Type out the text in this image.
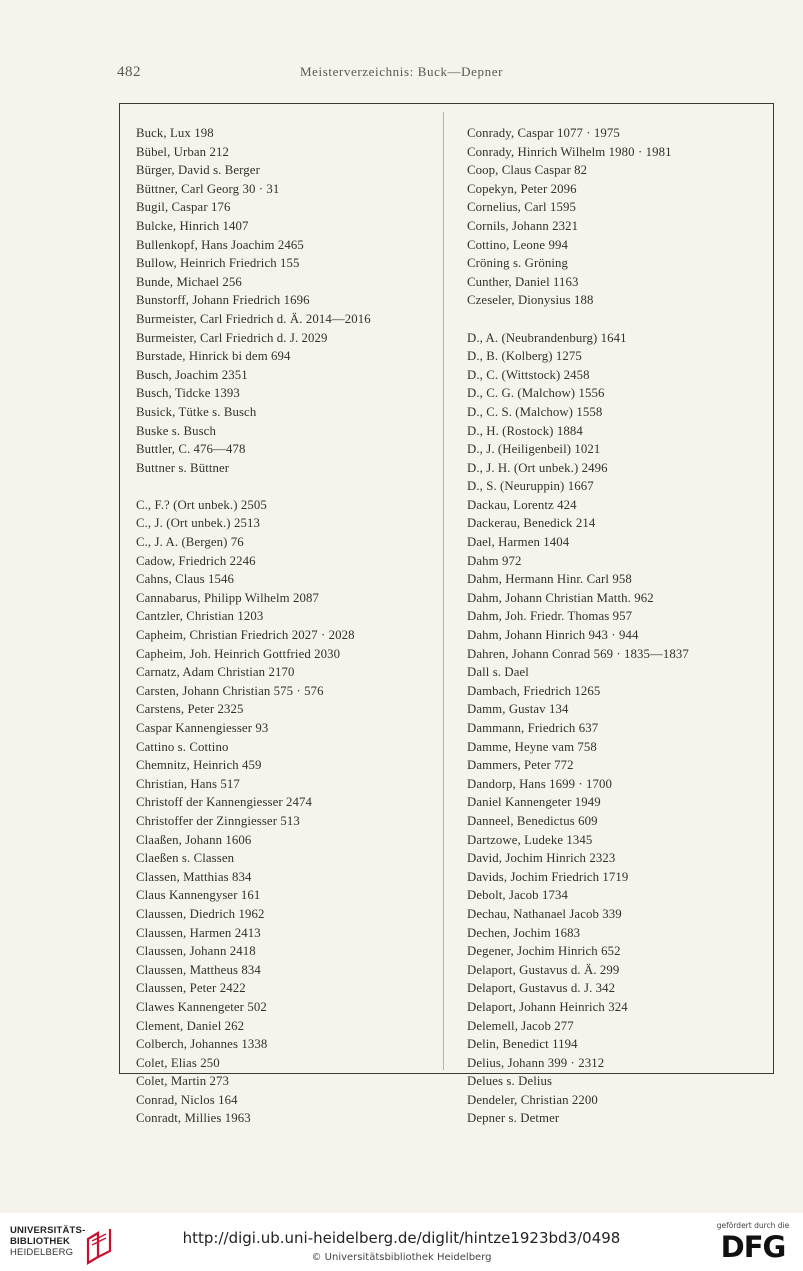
482	Meisterverzeichnis: Buck—Depner
Buck, Lux 198
Bübel, Urban 212
Bürger, David s. Berger
Büttner, Carl Georg 30 · 31
Bugil, Caspar 176
Bulcke, Hinrich 1407
Bullenkopf, Hans Joachim 2465
Bullow, Heinrich Friedrich 155
Bunde, Michael 256
Bunstorff, Johann Friedrich 1696
Burmeister, Carl Friedrich d. Ä. 2014—2016
Burmeister, Carl Friedrich d. J. 2029
Burstade, Hinrick bi dem 694
Busch, Joachim 2351
Busch, Tidcke 1393
Busick, Tütke s. Busch
Buske s. Busch
Buttler, C. 476—478
Buttner s. Büttner
C., F.? (Ort unbek.) 2505
C., J. (Ort unbek.) 2513
C., J. A. (Bergen) 76
Cadow, Friedrich 2246
Cahns, Claus 1546
Cannabarus, Philipp Wilhelm 2087
Cantzler, Christian 1203
Capheim, Christian Friedrich 2027 · 2028
Capheim, Joh. Heinrich Gottfried 2030
Carnatz, Adam Christian 2170
Carsten, Johann Christian 575 · 576
Carstens, Peter 2325
Caspar Kannengiesser 93
Cattino s. Cottino
Chemnitz, Heinrich 459
Christian, Hans 517
Christoff der Kannengiesser 2474
Christoffer der Zinngiesser 513
Claaßen, Johann 1606
Claeßen s. Classen
Classen, Matthias 834
Claus Kannengyser 161
Claussen, Diedrich 1962
Claussen, Harmen 2413
Claussen, Johann 2418
Claussen, Mattheus 834
Claussen, Peter 2422
Clawes Kannengeter 502
Clement, Daniel 262
Colberch, Johannes 1338
Colet, Elias 250
Colet, Martin 273
Conrad, Niclos 164
Conradt, Millies 1963
Conrady, Caspar 1077 · 1975
Conrady, Hinrich Wilhelm 1980 · 1981
Coop, Claus Caspar 82
Copekyn, Peter 2096
Cornelius, Carl 1595
Cornils, Johann 2321
Cottino, Leone 994
Cröning s. Gröning
Cunther, Daniel 1163
Czeseler, Dionysius 188
D., A. (Neubrandenburg) 1641
D., B. (Kolberg) 1275
D., C. (Wittstock) 2458
D., C. G. (Malchow) 1556
D., C. S. (Malchow) 1558
D., H. (Rostock) 1884
D., J. (Heiligenbeil) 1021
D., J. H. (Ort unbek.) 2496
D., S. (Neuruppin) 1667
Dackau, Lorentz 424
Dackerau, Benedick 214
Dael, Harmen 1404
Dahm 972
Dahm, Hermann Hinr. Carl 958
Dahm, Johann Christian Matth. 962
Dahm, Joh. Friedr. Thomas 957
Dahm, Johann Hinrich 943 · 944
Dahren, Johann Conrad 569 · 1835—1837
Dall s. Dael
Dambach, Friedrich 1265
Damm, Gustav 134
Dammann, Friedrich 637
Damme, Heyne vam 758
Dammers, Peter 772
Dandorp, Hans 1699 · 1700
Daniel Kannengeter 1949
Danneel, Benedictus 609
Dartzowe, Ludeke 1345
David, Jochim Hinrich 2323
Davids, Jochim Friedrich 1719
Debolt, Jacob 1734
Dechau, Nathanael Jacob 339
Dechen, Jochim 1683
Degener, Jochim Hinrich 652
Delaport, Gustavus d. Ä. 299
Delaport, Gustavus d. J. 342
Delaport, Johann Heinrich 324
Delemell, Jacob 277
Delin, Benedict 1194
Delius, Johann 399 · 2312
Delues s. Delius
Dendeler, Christian 2200
Depner s. Detmer
UNIVERSITÄTS-
BIBLIOTHEK
HEIDELBERG
http://digi.ub.uni-heidelberg.de/diglit/hintze1923bd3/0498
© Universitätsbibliothek Heidelberg
gefördert durch die
DFG
